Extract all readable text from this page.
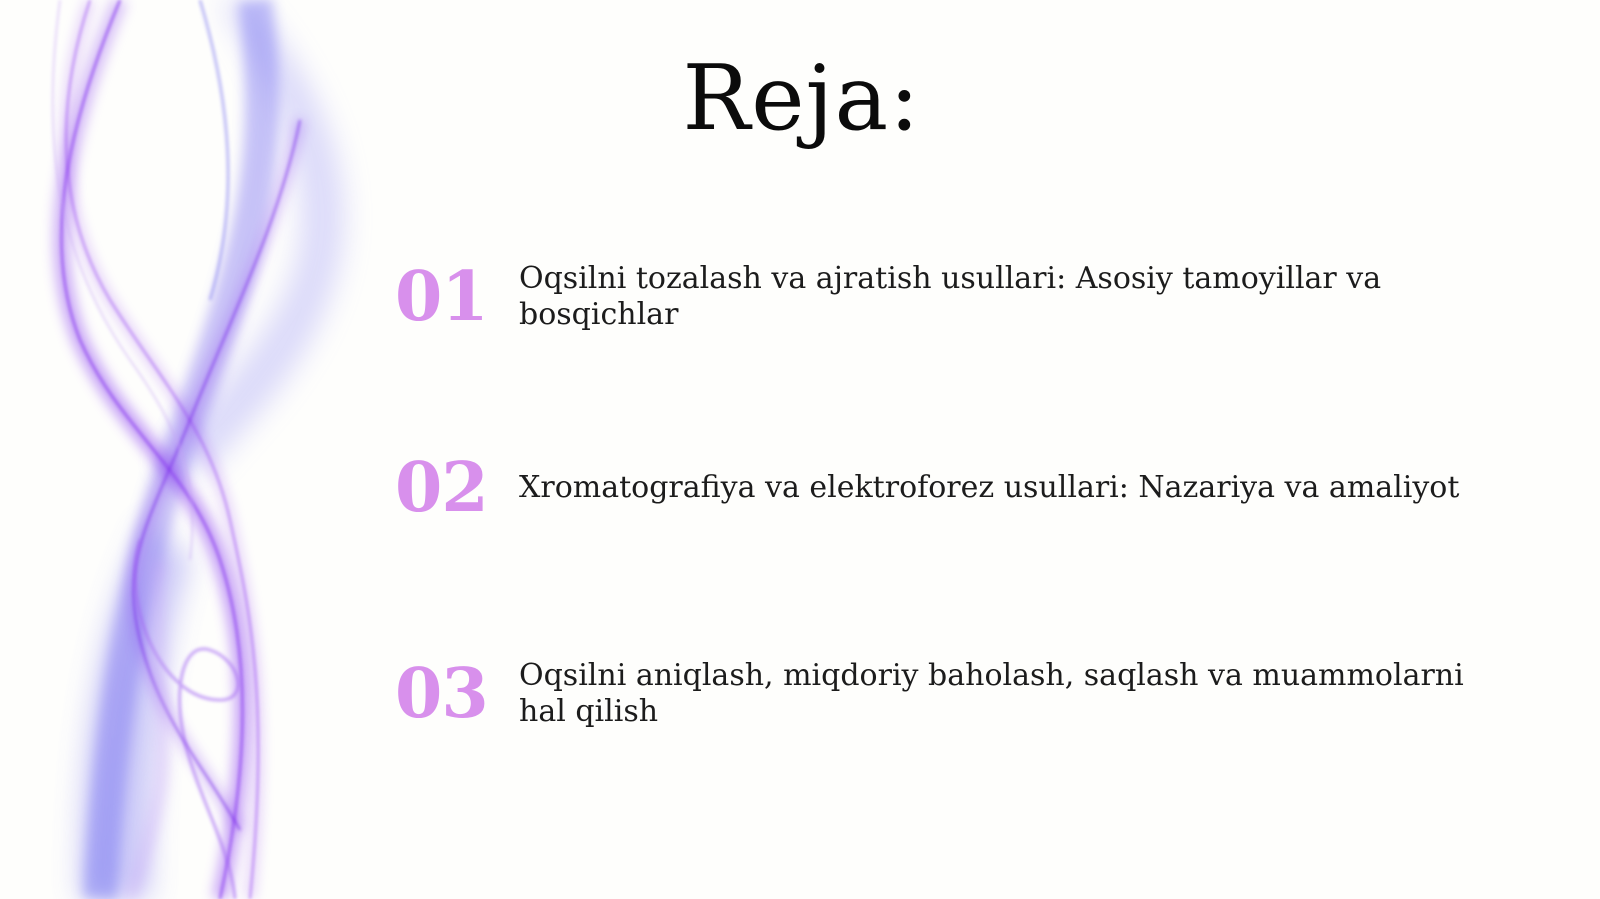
Reja:
01	Oqsilni tozalash va ajratish usullari: Asosiy tamoyillar va bosqichlar
02	Xromatografiya va elektroforez usullari: Nazariya va amaliyot
03	Oqsilni aniqlash, miqdoriy baholash, saqlash va muammolarni hal qilish
